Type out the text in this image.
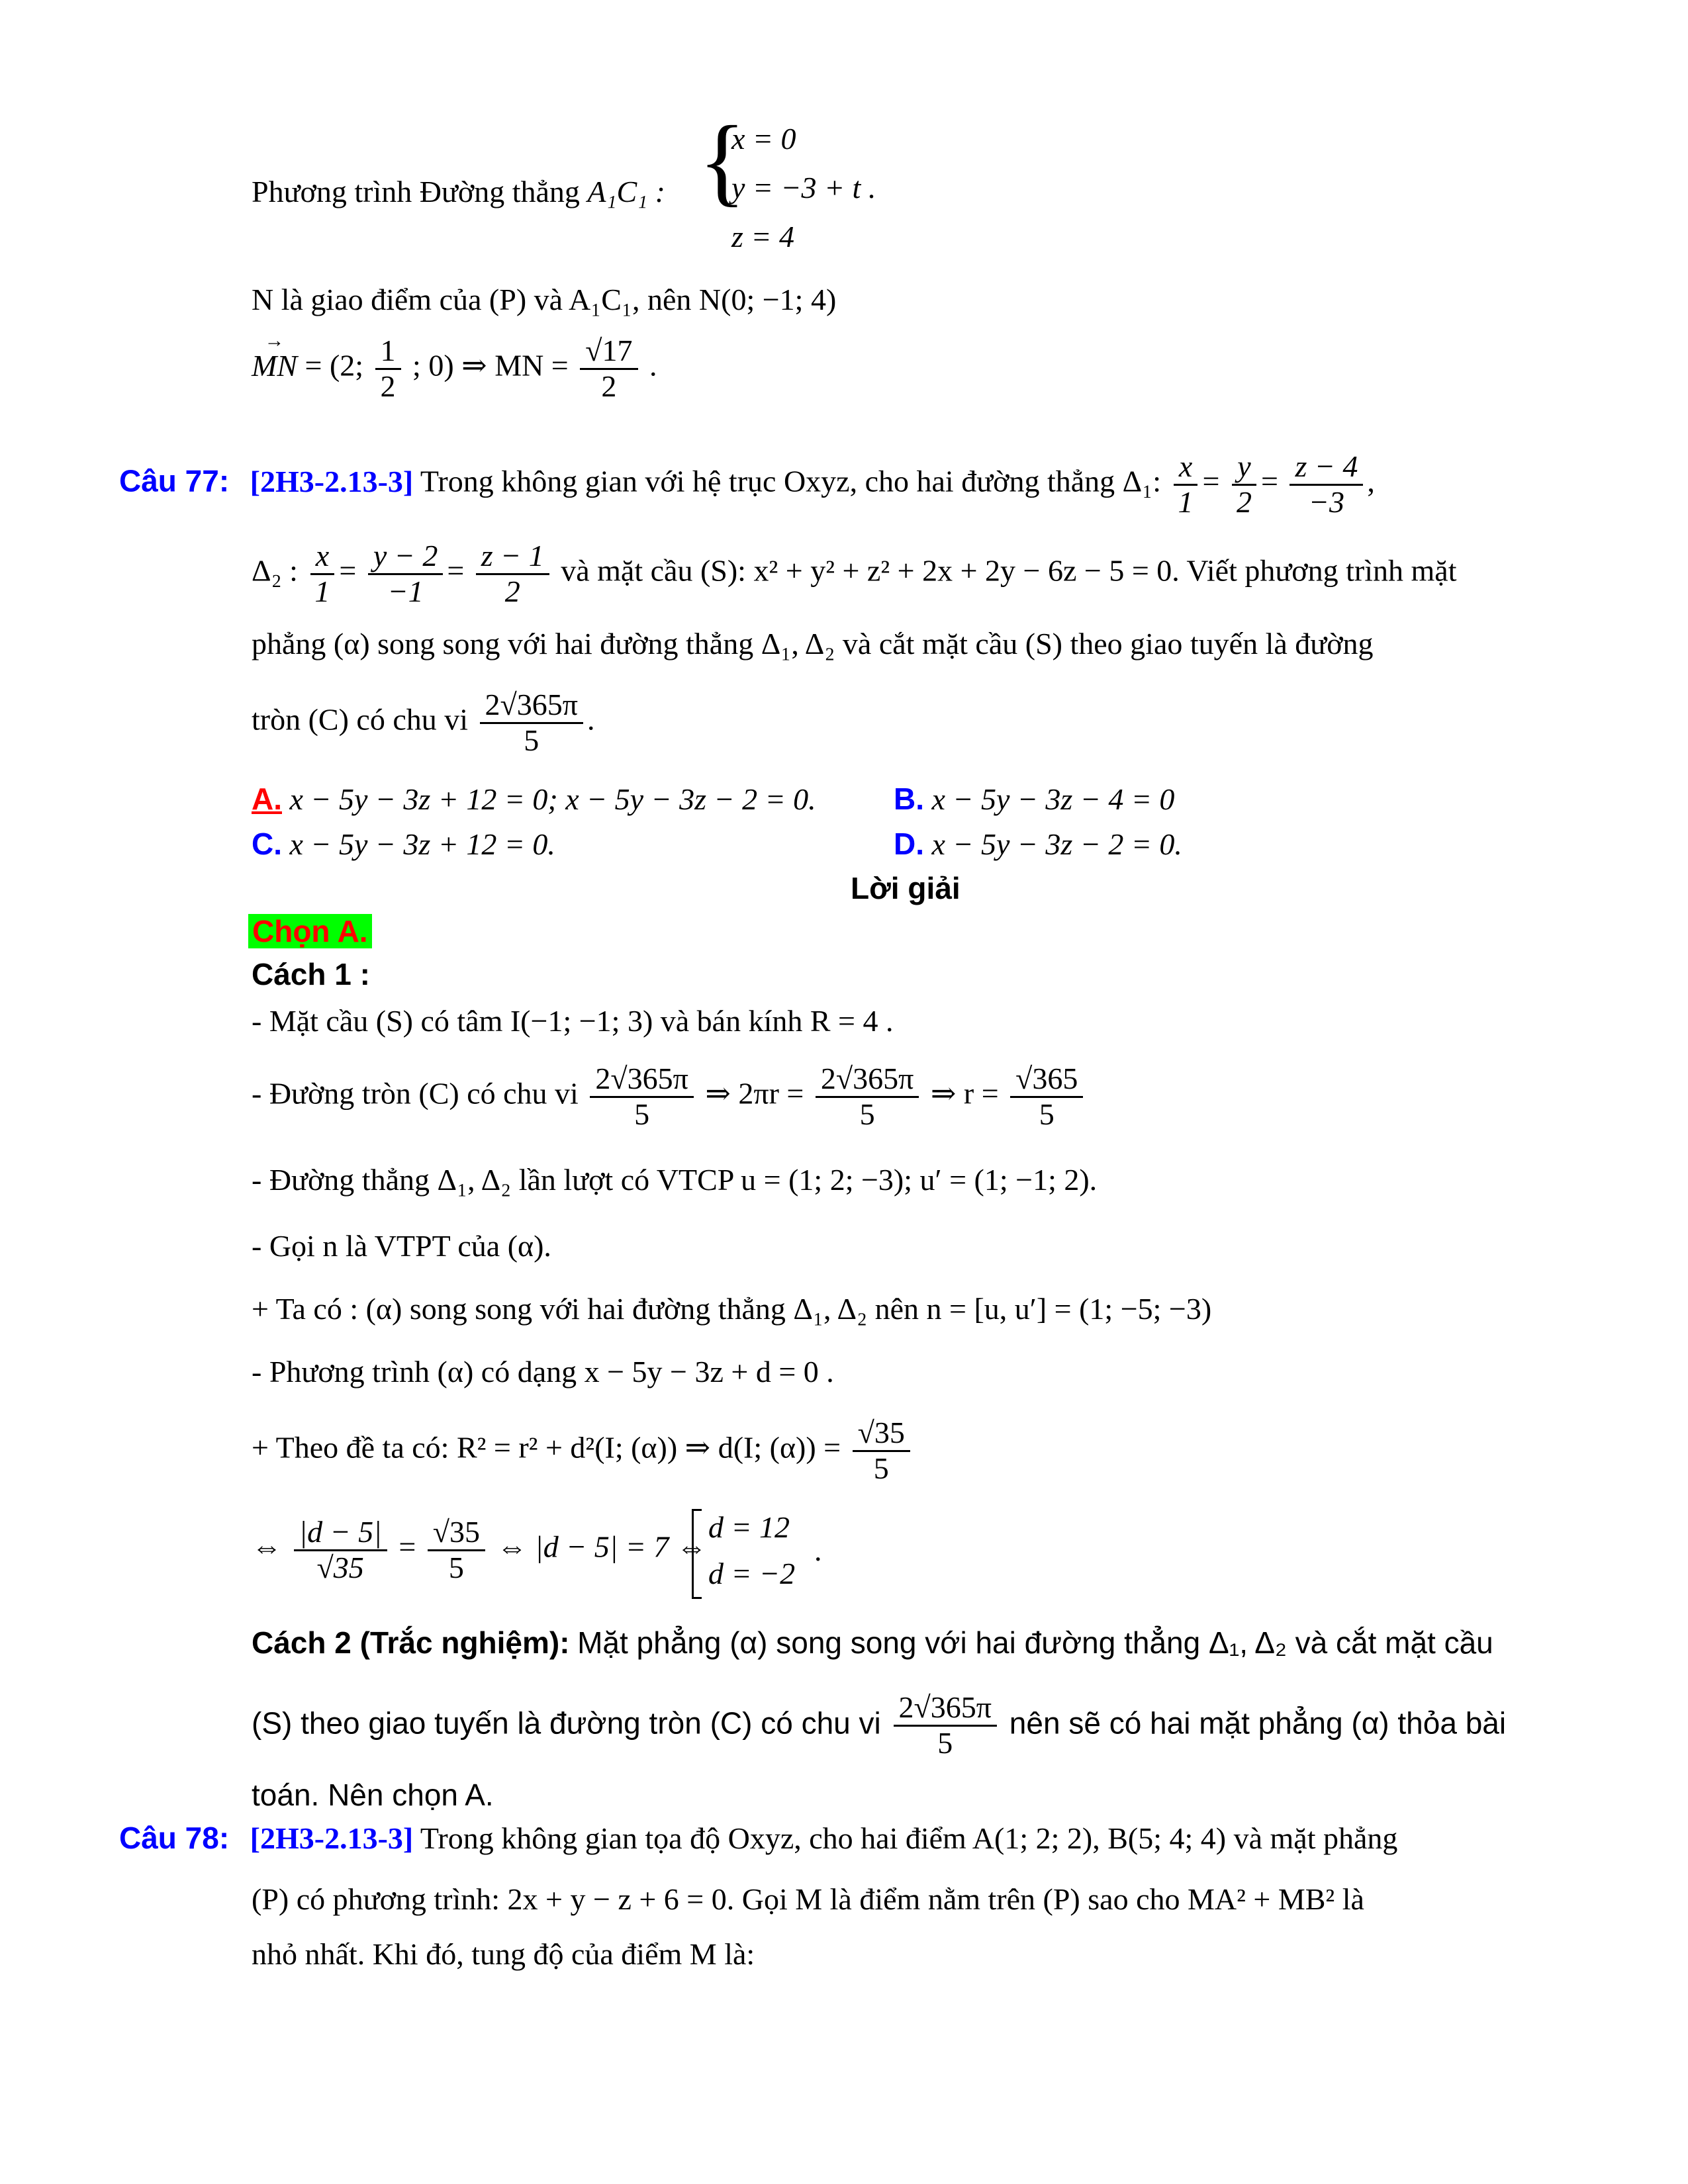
Phương trình Đường thẳng A₁C₁ : {
x = 0
y = −3 + t .
z = 4
N là giao điểm của (P) và A₁C₁, nên N(0; −1; 4)
→ MN = (2; $\frac{1}{2}$ ; 0) ⇒ MN = $\frac{√17}{2}$ .
Câu 77: [2H3-2.13-3] Trong không gian với hệ trục Oxyz, cho hai đường thẳng Δ₁: $\frac{x}{1} = \frac{y}{2} = \frac{z - 4}{-3}$ ,
Δ₂ : $\frac{x}{1} = \frac{y - 2}{-1} = \frac{z - 1}{2}$ và mặt cầu (S): x² + y² + z² + 2x + 2y − 6z − 5 = 0. Viết phương trình mặt
phẳng (α) song song với hai đường thẳng Δ₁, Δ₂ và cắt mặt cầu (S) theo giao tuyến là đường
tròn (C) có chu vi $\frac{2√365\pi}{5}$ .
A. x − 5y − 3z + 12 = 0; x − 5y − 3z − 2 = 0.	B. x − 5y − 3z − 4 = 0
C. x − 5y − 3z + 12 = 0.	D. x − 5y − 3z − 2 = 0.
Lời giải
Chọn A.
Cách 1 :
- Mặt cầu (S) có tâm I(−1; −1; 3) và bán kính R = 4 .
- Đường tròn (C) có chu vi $\frac{2√365\pi}{5}$ ⇒ $2\pi r = \frac{2√365\pi}{5}$ ⇒ $r = \frac{√365}{5}$
- Đường thẳng Δ₁, Δ₂ lần lượt có VTCP u = (1; 2; −3); u′ = (1; −1; 2).
- Gọi n là VTPT của (α).
+ Ta có : (α) song song với hai đường thẳng Δ₁, Δ₂ nên n = [u, u′] = (1; −5; −3)
- Phương trình (α) có dạng x − 5y − 3z + d = 0 .
+ Theo đề ta có: R² = r² + d²(I; (α)) ⇒ d(I; $(\alpha)) = \frac{√35}{5}$
⇔ $\frac{|d - 5|}{√35} = \frac{√35}{5}$ ⇔ |d − 5| = 7 ⇔
d = 12
d = −2
.
Cách 2 (Trắc nghiệm): Mặt phẳng (α) song song với hai đường thẳng Δ₁, Δ₂ và cắt mặt cầu
(S) theo giao tuyến là đường tròn (C) có chu vi $\frac{2√365\pi}{5}$ nên sẽ có hai mặt phẳng (α) thỏa bài
toán. Nên chọn A.
Câu 78: [2H3-2.13-3] Trong không gian tọa độ Oxyz, cho hai điểm A(1; 2; 2), B(5; 4; 4) và mặt phẳng
(P) có phương trình: 2x + y − z + 6 = 0. Gọi M là điểm nằm trên (P) sao cho MA² + MB² là
nhỏ nhất. Khi đó, tung độ của điểm M là:
